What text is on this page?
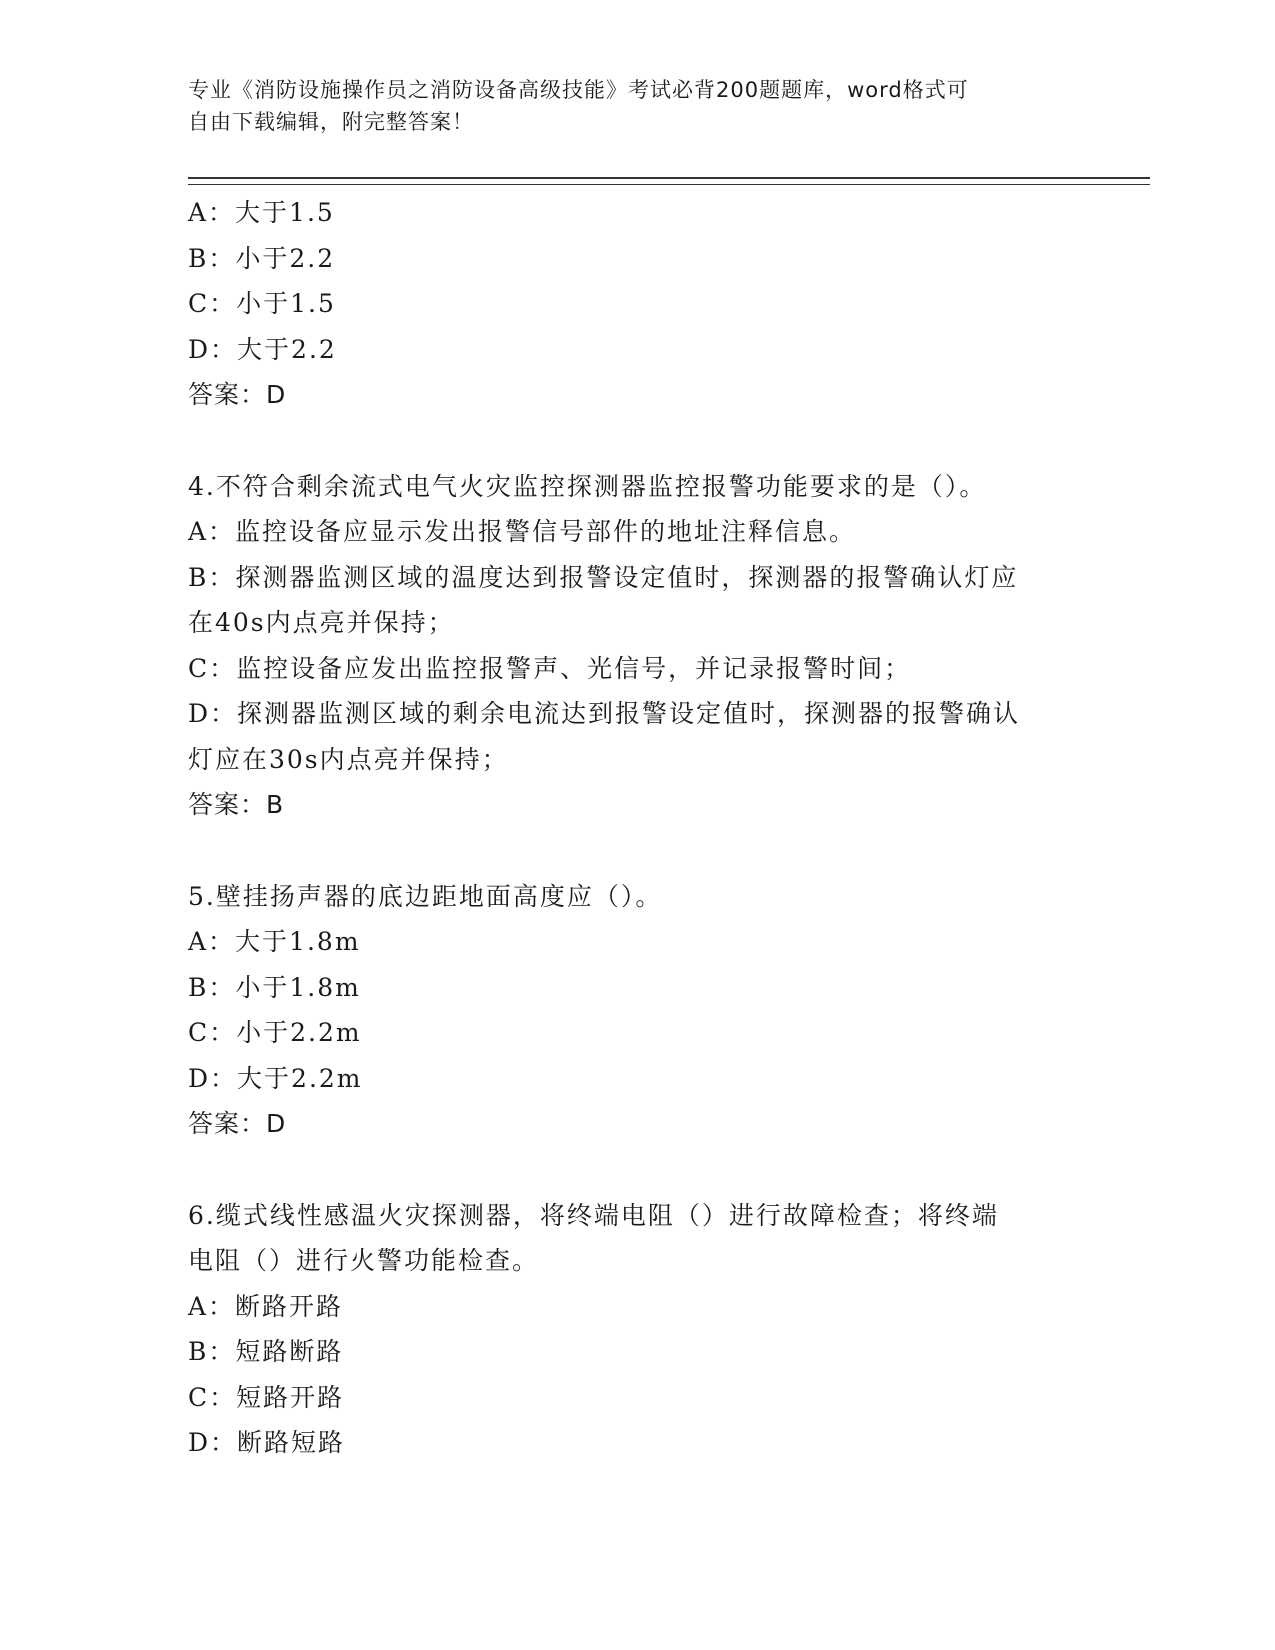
专业《消防设施操作员之消防设备高级技能》考试必背200题题库，word格式可
自由下载编辑，附完整答案！
A：大于1.5
B：小于2.2
C：小于1.5
D：大于2.2
答案：D
4.不符合剩余流式电气火灾监控探测器监控报警功能要求的是（）。
A：监控设备应显示发出报警信号部件的地址注释信息。
B：探测器监测区域的温度达到报警设定值时，探测器的报警确认灯应
在40s内点亮并保持；
C：监控设备应发出监控报警声、光信号，并记录报警时间；
D：探测器监测区域的剩余电流达到报警设定值时，探测器的报警确认
灯应在30s内点亮并保持；
答案：B
5.壁挂扬声器的底边距地面高度应（）。
A：大于1.8m
B：小于1.8m
C：小于2.2m
D：大于2.2m
答案：D
6.缆式线性感温火灾探测器，将终端电阻（）进行故障检查；将终端
电阻（）进行火警功能检查。
A：断路开路
B：短路断路
C：短路开路
D：断路短路
